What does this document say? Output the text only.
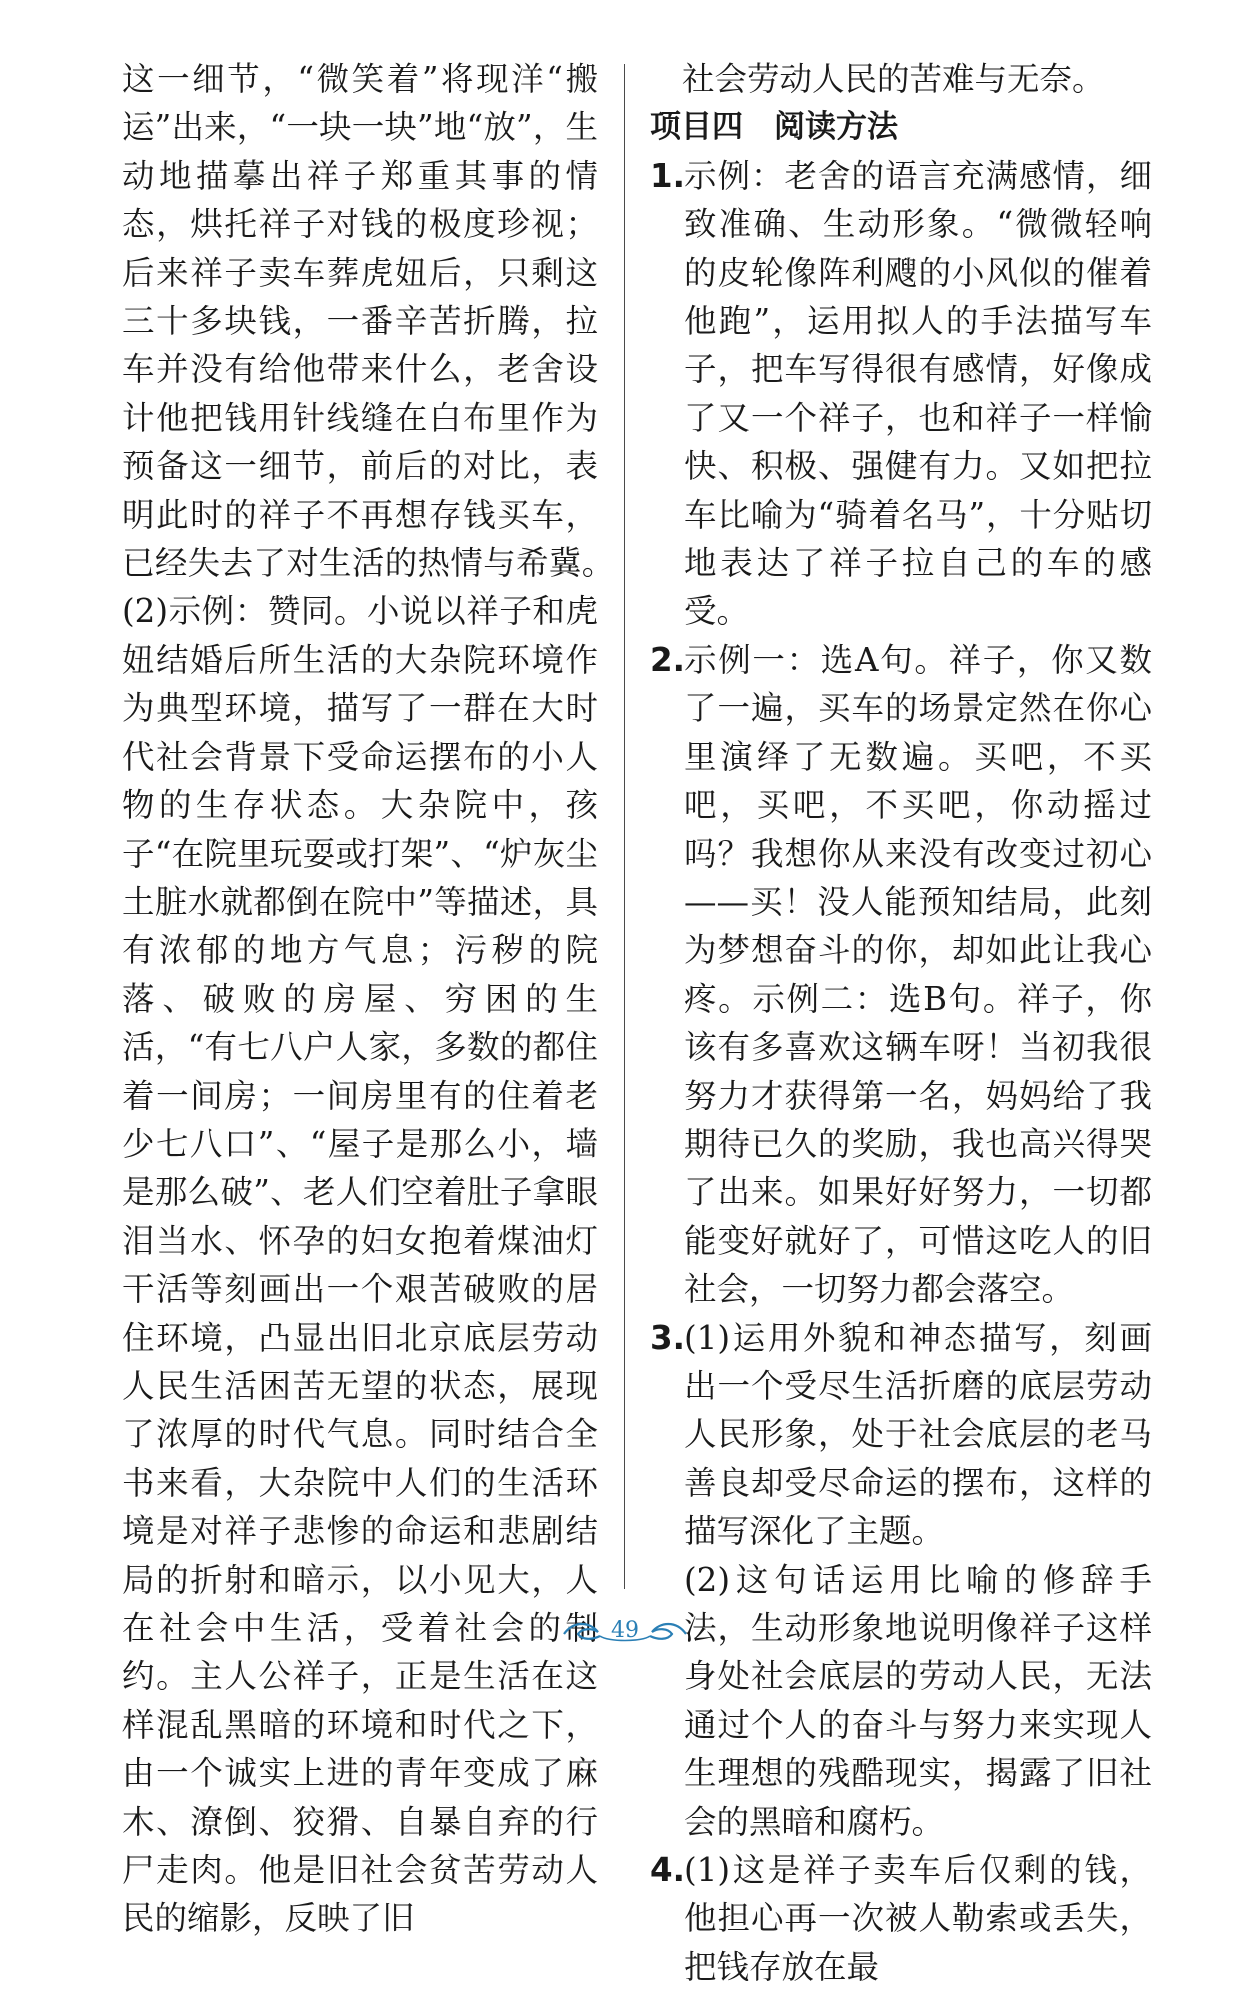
这一细节，“微笑着”将现洋“搬运”出来，“一块一块”地“放”，生动地描摹出祥子郑重其事的情态，烘托祥子对钱的极度珍视；后来祥子卖车葬虎妞后，只剩这三十多块钱，一番辛苦折腾，拉车并没有给他带来什么，老舍设计他把钱用针线缝在白布里作为预备这一细节，前后的对比，表明此时的祥子不再想存钱买车，已经失去了对生活的热情与希冀。　(2)示例：赞同。小说以祥子和虎妞结婚后所生活的大杂院环境作为典型环境，描写了一群在大时代社会背景下受命运摆布的小人物的生存状态。大杂院中，孩子“在院里玩耍或打架”、“炉灰尘土脏水就都倒在院中”等描述，具有浓郁的地方气息；污秽的院落、破败的房屋、穷困的生活，“有七八户人家，多数的都住着一间房；一间房里有的住着老少七八口”、“屋子是那么小，墙是那么破”、老人们空着肚子拿眼泪当水、怀孕的妇女抱着煤油灯干活等刻画出一个艰苦破败的居住环境，凸显出旧北京底层劳动人民生活困苦无望的状态，展现了浓厚的时代气息。同时结合全书来看，大杂院中人们的生活环境是对祥子悲惨的命运和悲剧结局的折射和暗示，以小见大，人在社会中生活，受着社会的制约。主人公祥子，正是生活在这样混乱黑暗的环境和时代之下，由一个诚实上进的青年变成了麻木、潦倒、狡猾、自暴自弃的行尸走肉。他是旧社会贫苦劳动人民的缩影，反映了旧

社会劳动人民的苦难与无奈。

项目四　阅读方法

1. 示例：老舍的语言充满感情，细致准确、生动形象。“微微轻响的皮轮像阵利飕的小风似的催着他跑”，运用拟人的手法描写车子，把车写得很有感情，好像成了又一个祥子，也和祥子一样愉快、积极、强健有力。又如把拉车比喻为“骑着名马”，十分贴切地表达了祥子拉自己的车的感受。
2. 示例一：选A句。祥子，你又数了一遍，买车的场景定然在你心里演绎了无数遍。买吧，不买吧，买吧，不买吧，你动摇过吗？我想你从来没有改变过初心——买！没人能预知结局，此刻为梦想奋斗的你，却如此让我心疼。示例二：选B句。祥子，你该有多喜欢这辆车呀！当初我很努力才获得第一名，妈妈给了我期待已久的奖励，我也高兴得哭了出来。如果好好努力，一切都能变好就好了，可惜这吃人的旧社会，一切努力都会落空。
3. (1)运用外貌和神态描写，刻画出一个受尽生活折磨的底层劳动人民形象，处于社会底层的老马善良却受尽命运的摆布，这样的描写深化了主题。

(2)这句话运用比喻的修辞手法，生动形象地说明像祥子这样身处社会底层的劳动人民，无法通过个人的奋斗与努力来实现人生理想的残酷现实，揭露了旧社会的黑暗和腐朽。

4. (1)这是祥子卖车后仅剩的钱，他担心再一次被人勒索或丢失，把钱存放在最
49
